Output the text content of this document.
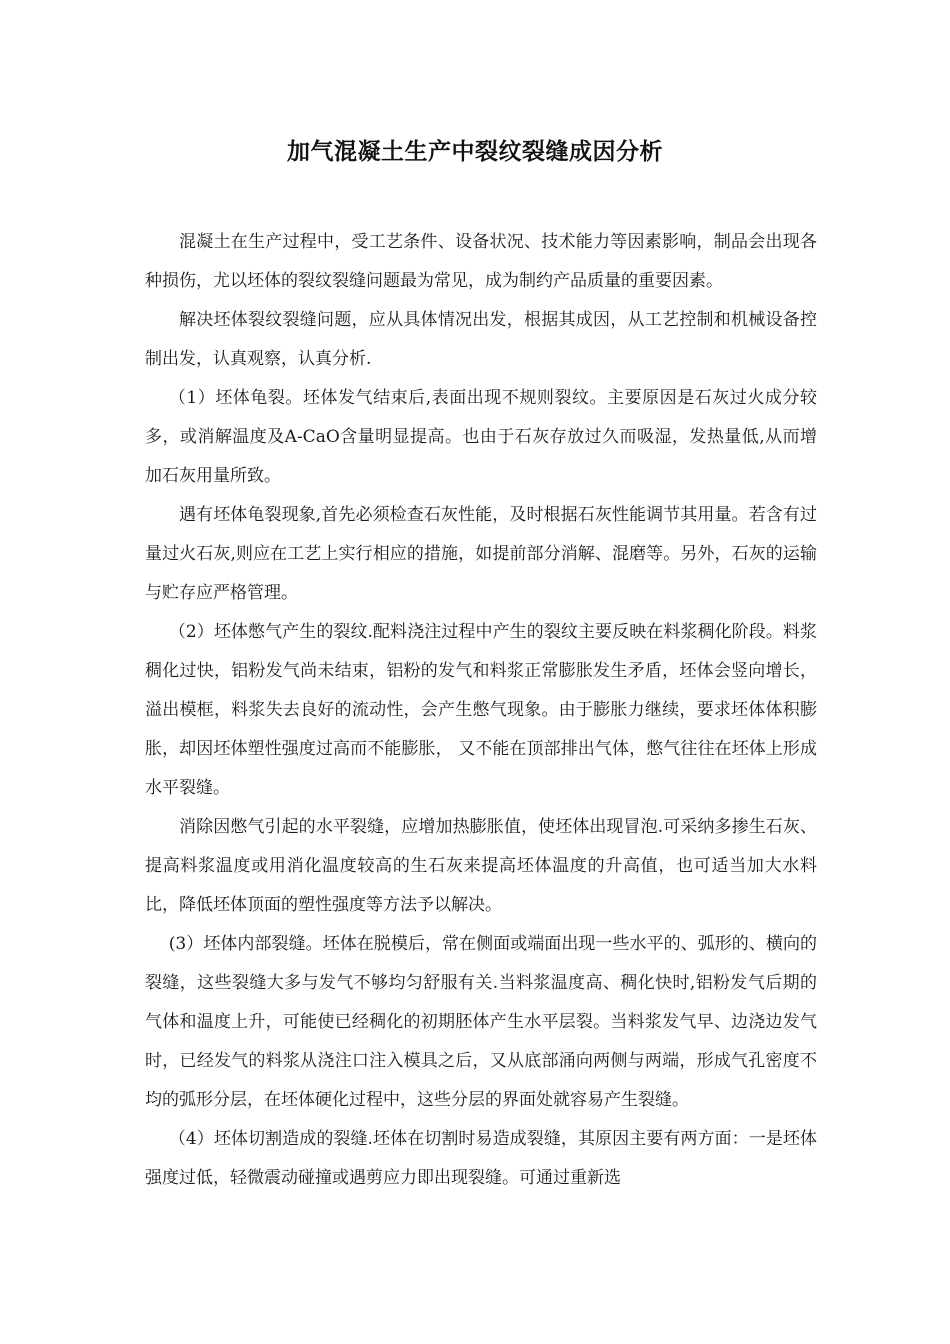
加气混凝土生产中裂纹裂缝成因分析

混凝土在生产过程中，受工艺条件、设备状况、技术能力等因素影响，制品会出现各种损伤，尤以坯体的裂纹裂缝问题最为常见，成为制约产品质量的重要因素。

解决坯体裂纹裂缝问题，应从具体情况出发，根据其成因，从工艺控制和机械设备控制出发，认真观察，认真分析.

（1）坯体龟裂。坯体发气结束后,表面出现不规则裂纹。主要原因是石灰过火成分较多，或消解温度及A-CaO含量明显提高。也由于石灰存放过久而吸湿，发热量低,从而增加石灰用量所致。

遇有坯体龟裂现象,首先必须检查石灰性能，及时根据石灰性能调节其用量。若含有过量过火石灰,则应在工艺上实行相应的措施，如提前部分消解、混磨等。另外，石灰的运输与贮存应严格管理。

（2）坯体憋气产生的裂纹.配料浇注过程中产生的裂纹主要反映在料浆稠化阶段。料浆稠化过快，铝粉发气尚未结束，铝粉的发气和料浆正常膨胀发生矛盾，坯体会竖向增长，溢出模框，料浆失去良好的流动性，会产生憋气现象。由于膨胀力继续，要求坯体体积膨胀，却因坯体塑性强度过高而不能膨胀， 又不能在顶部排出气体，憋气往往在坯体上形成水平裂缝。

消除因憋气引起的水平裂缝，应增加热膨胀值，使坯体出现冒泡.可采纳多掺生石灰、提高料浆温度或用消化温度较高的生石灰来提高坯体温度的升高值，也可适当加大水料比，降低坯体顶面的塑性强度等方法予以解决。

(3）坯体内部裂缝。坯体在脱模后，常在侧面或端面出现一些水平的、弧形的、横向的裂缝，这些裂缝大多与发气不够均匀舒服有关.当料浆温度高、稠化快时,铝粉发气后期的气体和温度上升，可能使已经稠化的初期胚体产生水平层裂。当料浆发气早、边浇边发气时，已经发气的料浆从浇注口注入模具之后，又从底部涌向两侧与两端，形成气孔密度不均的弧形分层，在坯体硬化过程中，这些分层的界面处就容易产生裂缝。

（4）坯体切割造成的裂缝.坯体在切割时易造成裂缝，其原因主要有两方面：一是坯体强度过低，轻微震动碰撞或遇剪应力即出现裂缝。可通过重新选
